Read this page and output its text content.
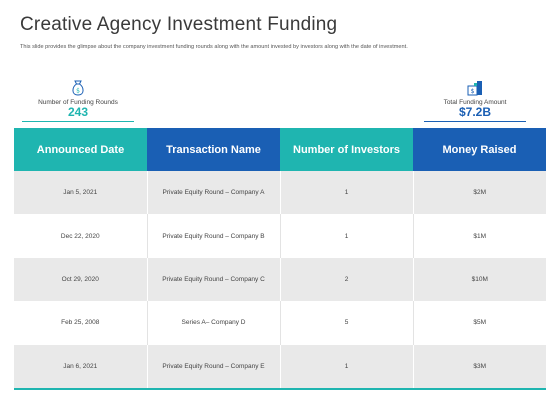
Creative Agency Investment Funding
This slide provides the glimpse about the company investment funding rounds along with the amount invested by investors along with the date of investment.
$
Number of Funding Rounds
243
$
Total Funding Amount
$7.2B
Announced Date	Transaction Name	Number of Investors	Money Raised
Jan 5, 2021	Private Equity Round – Company A	1	$2M
Dec 22, 2020	Private Equity Round – Company B	1	$1M
Oct 29, 2020	Private Equity Round – Company C	2	$10M
Feb 25, 2008	Series A– Company D	5	$5M
Jan 6, 2021	Private Equity Round – Company E	1	$3M
